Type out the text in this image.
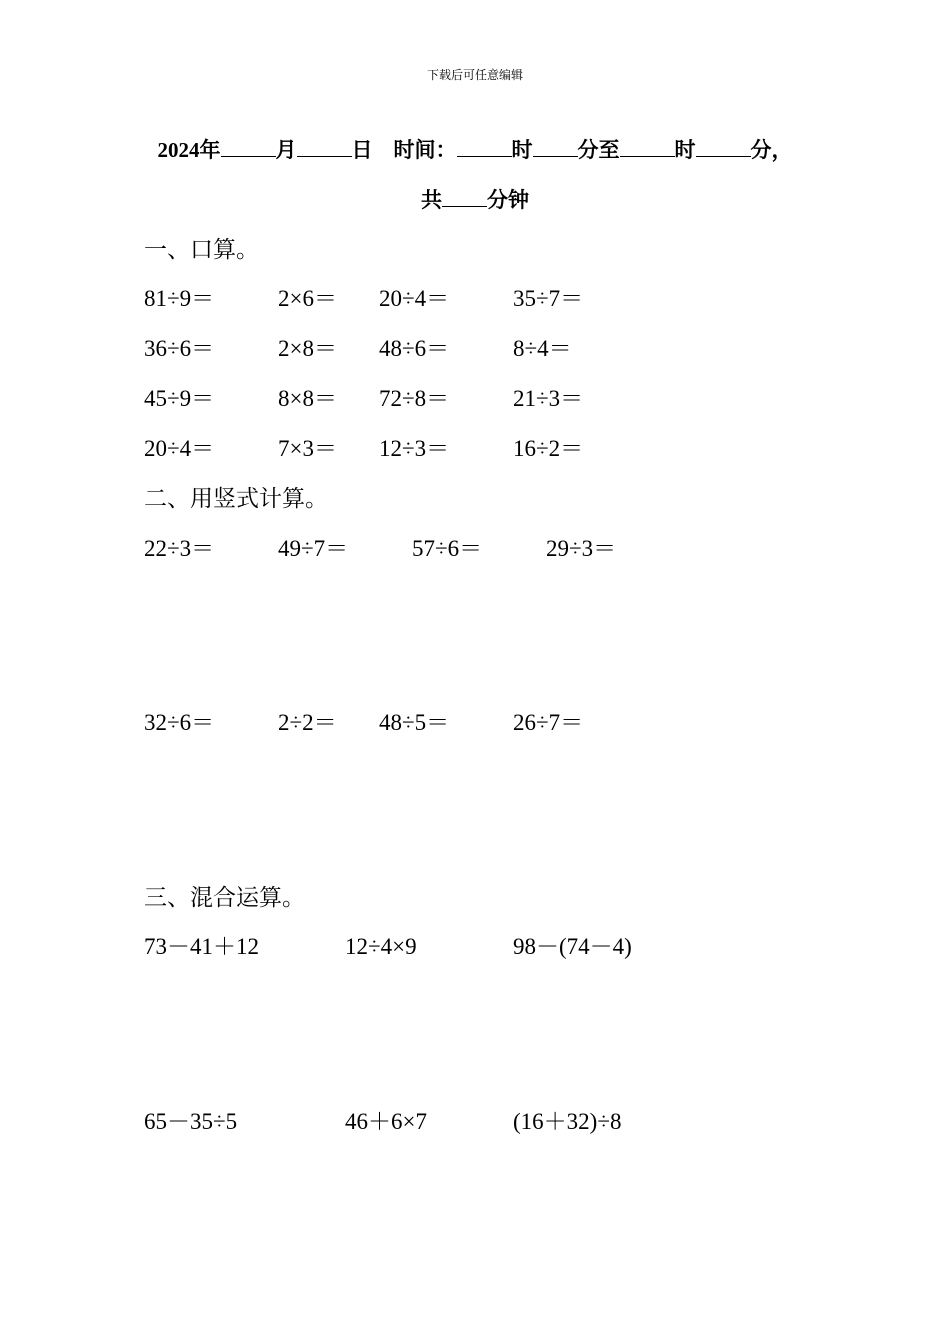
下载后可任意编辑
2024年	月	日　 时间：	时 分至	时	分，
共 分钟
一、口算。
81÷9＝	2×6＝ 20÷4＝	35÷7＝
36÷6＝	2×8＝ 48÷6＝	8÷4＝
45÷9＝	8×8＝ 72÷8＝	21÷3＝
20÷4＝	7×3＝ 12÷3＝	16÷2＝
二、用竖式计算。
22÷3＝	49÷7＝	57÷6＝	29÷3＝
32÷6＝	2÷2＝ 48÷5＝	26÷7＝
三、混合运算。
73－41＋12	12÷4×9	98－(74－4)
65－35÷5	46＋6×7	(16＋32)÷8
